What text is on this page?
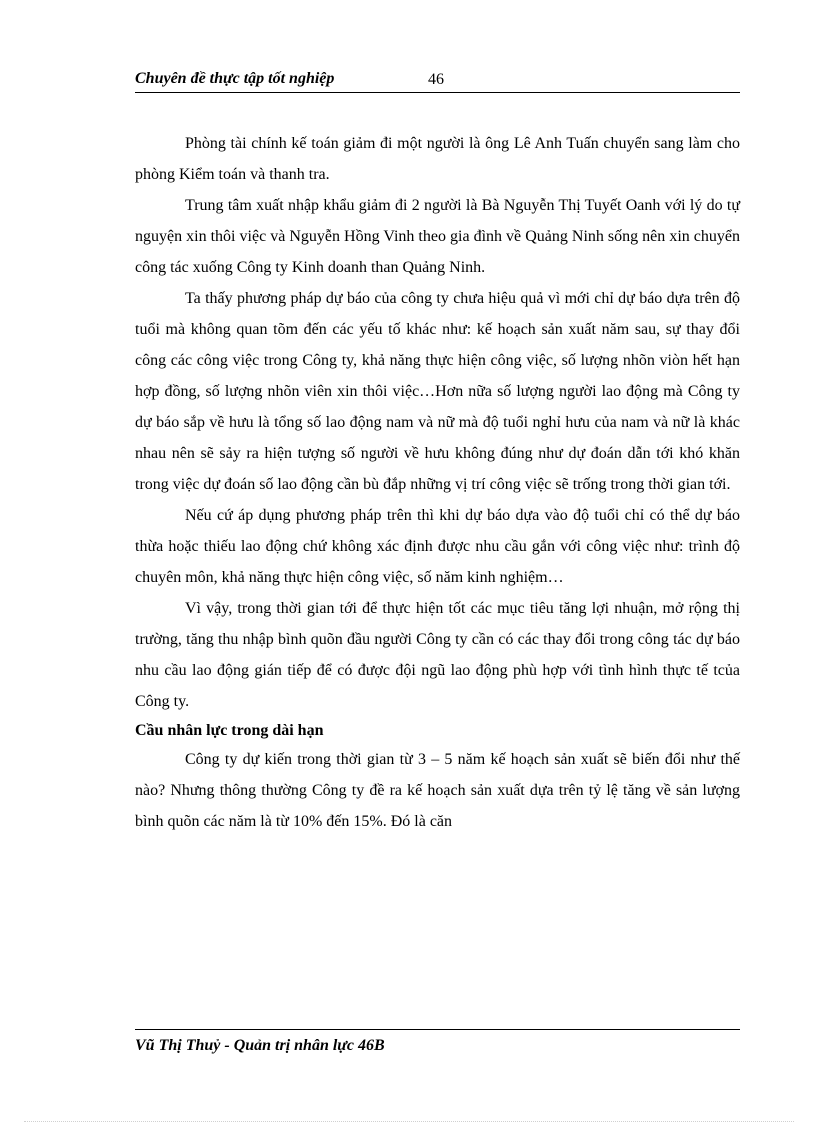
Chuyên đề thực tập tốt nghiệp	46

Phòng tài chính kế toán giảm đi một người là ông Lê Anh Tuấn chuyển sang làm cho phòng Kiểm toán và thanh tra.

Trung tâm xuất nhập khẩu giảm đi 2 người là Bà Nguyễn Thị Tuyết Oanh với lý do tự nguyện xin thôi việc và Nguyễn Hồng Vinh theo gia đình về Quảng Ninh sống nên xin chuyển công tác xuống Công ty Kinh doanh than Quảng Ninh.

Ta thấy phương pháp dự báo của công ty chưa hiệu quả vì mới chỉ dự báo dựa trên độ tuổi mà không quan tõm đến các yếu tố khác như: kế hoạch sản xuất năm sau, sự thay đổi công các công việc trong Công ty, khả năng thực hiện công việc, số lượng nhõn viòn hết hạn hợp đồng, số lượng nhõn viên xin thôi việc…Hơn nữa số lượng người lao động mà Công ty dự báo sắp về hưu là tổng số lao động nam và nữ mà độ tuổi nghỉ hưu của nam và nữ là khác nhau nên sẽ sảy ra hiện tượng số người về hưu không đúng như dự đoán dẫn tới khó khăn trong việc dự đoán số lao động cần bù đắp những vị trí công việc sẽ trống trong thời gian tới.

Nếu cứ áp dụng phương pháp trên thì khi dự báo dựa vào độ tuổi chỉ có thể dự báo thừa hoặc thiếu lao động chứ không xác định được nhu cầu gắn với công việc như: trình độ chuyên môn, khả năng thực hiện công việc, số năm kinh nghiệm…

Vì vậy, trong thời gian tới để thực hiện tốt các mục tiêu tăng lợi nhuận, mở rộng thị trường, tăng thu nhập bình quõn đầu người Công ty cần có các thay đổi trong công tác dự báo nhu cầu lao động gián tiếp để có được đội ngũ lao động phù hợp với tình hình thực tế tcủa Công ty.

Cầu nhân lực trong dài hạn

Công ty dự kiến trong thời gian từ 3 – 5 năm kế hoạch sản xuất sẽ biến đổi như thế nào? Nhưng thông thường Công ty đề ra kế hoạch sản xuất dựa trên tỷ lệ tăng về sản lượng bình quõn các năm là từ 10% đến 15%. Đó là căn

Vũ Thị Thuỷ - Quản trị nhân lực 46B
